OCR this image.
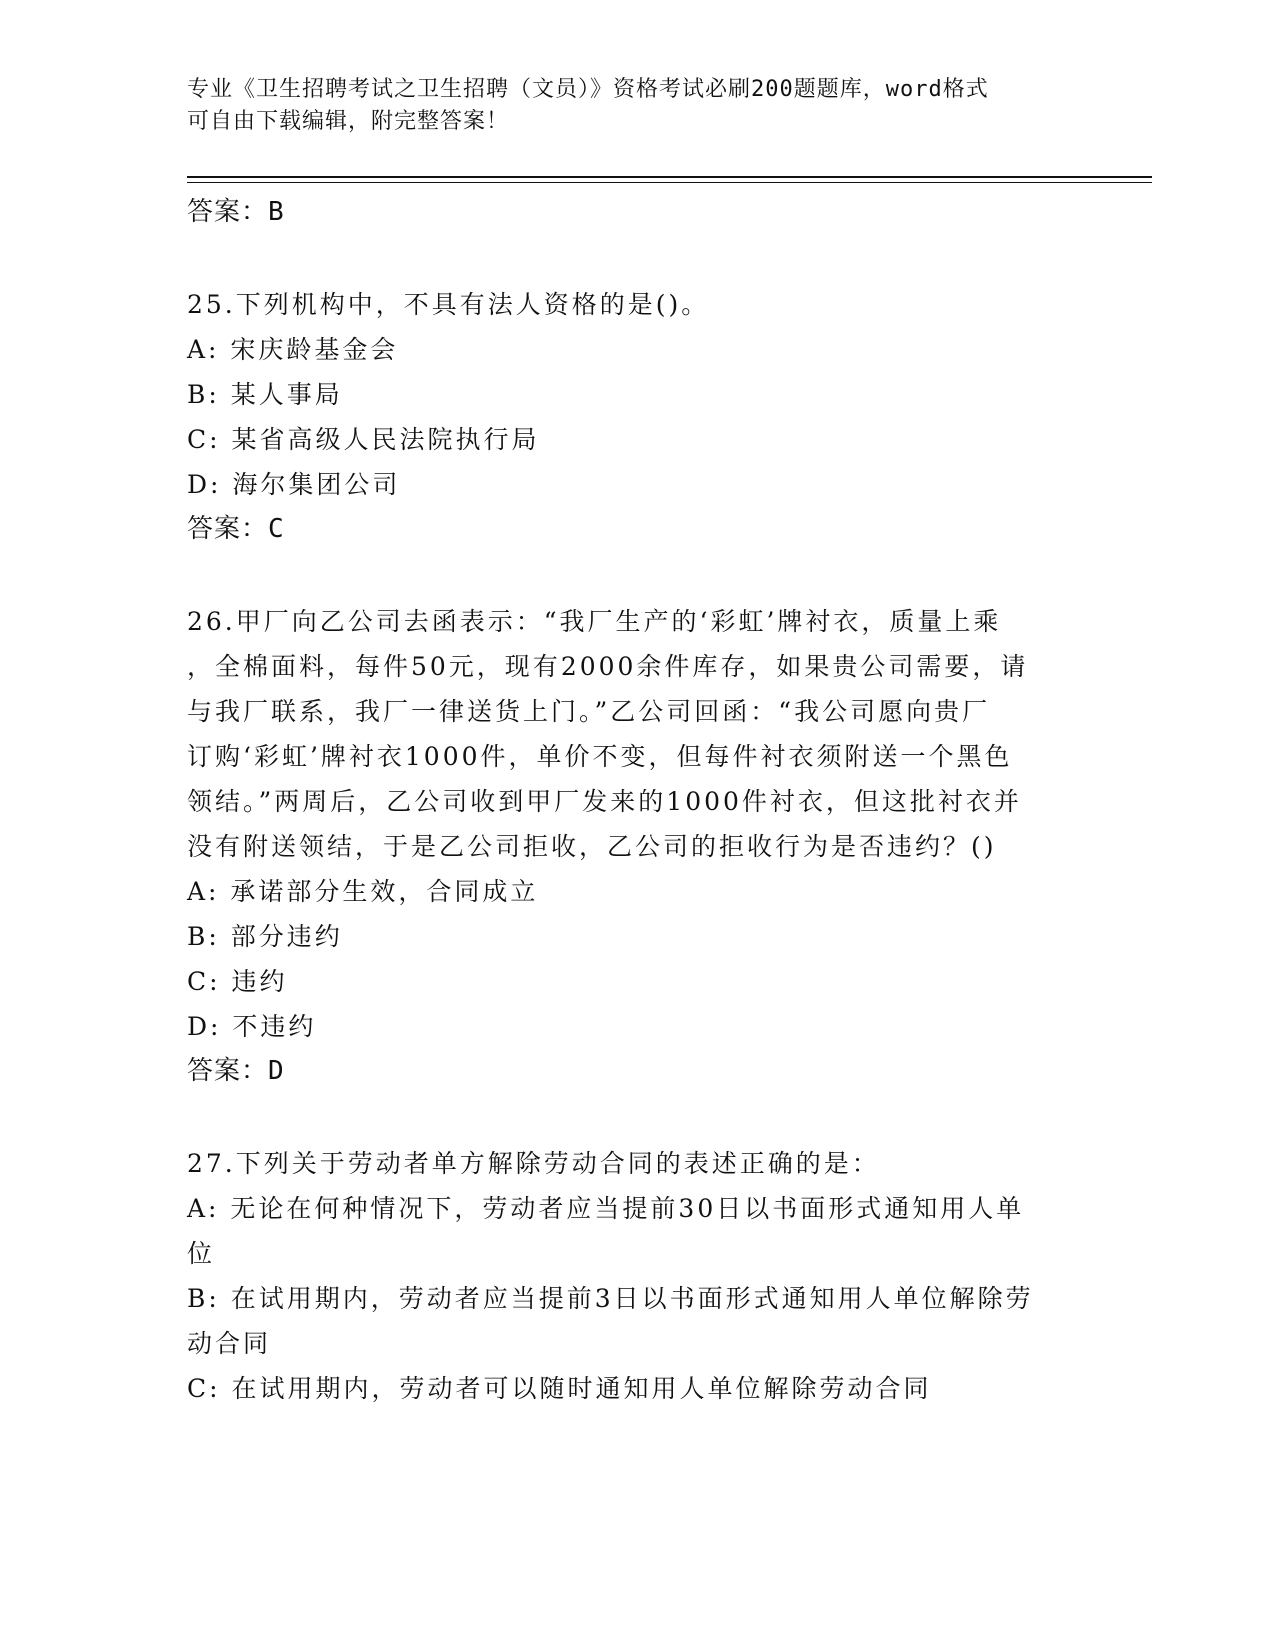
专业《卫生招聘考试之卫生招聘（文员）》资格考试必刷200题题库，word格式
可自由下载编辑，附完整答案！
答案：B
25.下列机构中，不具有法人资格的是()。
A: 宋庆龄基金会
B: 某人事局
C: 某省高级人民法院执行局
D: 海尔集团公司
答案：C
26.甲厂向乙公司去函表示：“我厂生产的‘彩虹’牌衬衣，质量上乘
，全棉面料，每件50元，现有2000余件库存，如果贵公司需要，请
与我厂联系，我厂一律送货上门。”乙公司回函：“我公司愿向贵厂
订购‘彩虹’牌衬衣1000件，单价不变，但每件衬衣须附送一个黑色
领结。”两周后，乙公司收到甲厂发来的1000件衬衣，但这批衬衣并
没有附送领结，于是乙公司拒收，乙公司的拒收行为是否违约？()
A: 承诺部分生效，合同成立
B: 部分违约
C: 违约
D: 不违约
答案：D
27.下列关于劳动者单方解除劳动合同的表述正确的是：
A: 无论在何种情况下，劳动者应当提前30日以书面形式通知用人单
位
B: 在试用期内，劳动者应当提前3日以书面形式通知用人单位解除劳
动合同
C: 在试用期内，劳动者可以随时通知用人单位解除劳动合同
